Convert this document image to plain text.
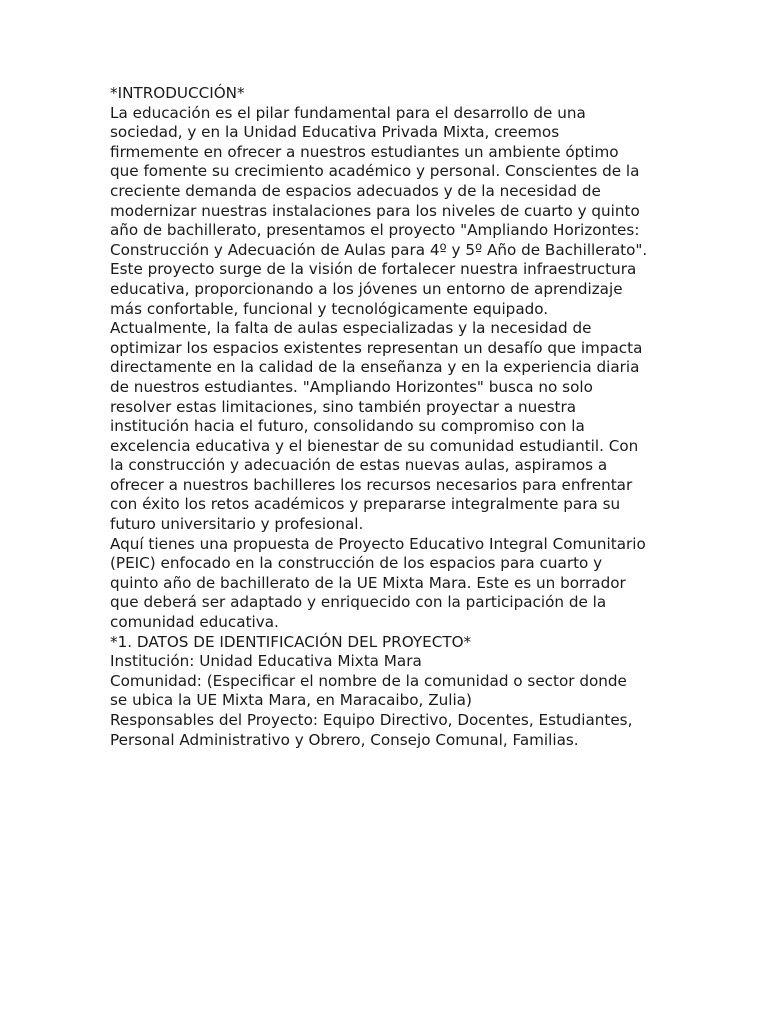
*INTRODUCCIÓN*

La educación es el pilar fundamental para el desarrollo de una
sociedad, y en la Unidad Educativa Privada Mixta, creemos
firmemente en ofrecer a nuestros estudiantes un ambiente óptimo
que fomente su crecimiento académico y personal. Conscientes de la
creciente demanda de espacios adecuados y de la necesidad de
modernizar nuestras instalaciones para los niveles de cuarto y quinto
año de bachillerato, presentamos el proyecto "Ampliando Horizontes:
Construcción y Adecuación de Aulas para 4º y 5º Año de Bachillerato".

Este proyecto surge de la visión de fortalecer nuestra infraestructura
educativa, proporcionando a los jóvenes un entorno de aprendizaje
más confortable, funcional y tecnológicamente equipado.
Actualmente, la falta de aulas especializadas y la necesidad de
optimizar los espacios existentes representan un desafío que impacta
directamente en la calidad de la enseñanza y en la experiencia diaria
de nuestros estudiantes. "Ampliando Horizontes" busca no solo
resolver estas limitaciones, sino también proyectar a nuestra
institución hacia el futuro, consolidando su compromiso con la
excelencia educativa y el bienestar de su comunidad estudiantil. Con
la construcción y adecuación de estas nuevas aulas, aspiramos a
ofrecer a nuestros bachilleres los recursos necesarios para enfrentar
con éxito los retos académicos y prepararse integralmente para su
futuro universitario y profesional.

Aquí tienes una propuesta de Proyecto Educativo Integral Comunitario
(PEIC) enfocado en la construcción de los espacios para cuarto y
quinto año de bachillerato de la UE Mixta Mara. Este es un borrador
que deberá ser adaptado y enriquecido con la participación de la
comunidad educativa.

*1. DATOS DE IDENTIFICACIÓN DEL PROYECTO*

Institución: Unidad Educativa Mixta Mara

Comunidad: (Especificar el nombre de la comunidad o sector donde
se ubica la UE Mixta Mara, en Maracaibo, Zulia)

Responsables del Proyecto: Equipo Directivo, Docentes, Estudiantes,
Personal Administrativo y Obrero, Consejo Comunal, Familias.
